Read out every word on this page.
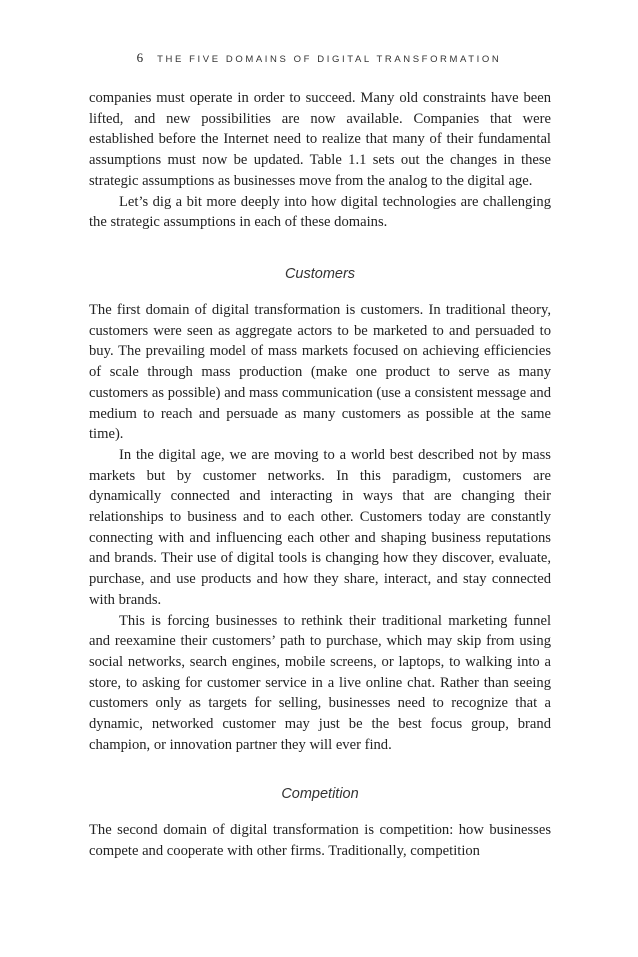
6 THE FIVE DOMAINS OF DIGITAL TRANSFORMATION

companies must operate in order to succeed. Many old constraints have been lifted, and new possibilities are now available. Companies that were established before the Internet need to realize that many of their fundamental assumptions must now be updated. Table 1.1 sets out the changes in these strategic assumptions as businesses move from the analog to the digital age.

Let’s dig a bit more deeply into how digital technologies are challenging the strategic assumptions in each of these domains.

Customers

The first domain of digital transformation is customers. In traditional theory, customers were seen as aggregate actors to be marketed to and persuaded to buy. The prevailing model of mass markets focused on achieving efficiencies of scale through mass production (make one product to serve as many customers as possible) and mass communication (use a consistent message and medium to reach and persuade as many customers as possible at the same time).

In the digital age, we are moving to a world best described not by mass markets but by customer networks. In this paradigm, customers are dynamically connected and interacting in ways that are changing their relationships to business and to each other. Customers today are constantly connecting with and influencing each other and shaping business reputations and brands. Their use of digital tools is changing how they discover, evaluate, purchase, and use products and how they share, interact, and stay connected with brands.

This is forcing businesses to rethink their traditional marketing funnel and reexamine their customers’ path to purchase, which may skip from using social networks, search engines, mobile screens, or laptops, to walking into a store, to asking for customer service in a live online chat. Rather than seeing customers only as targets for selling, businesses need to recognize that a dynamic, networked customer may just be the best focus group, brand champion, or innovation partner they will ever find.

Competition

The second domain of digital transformation is competition: how businesses compete and cooperate with other firms. Traditionally, competition
